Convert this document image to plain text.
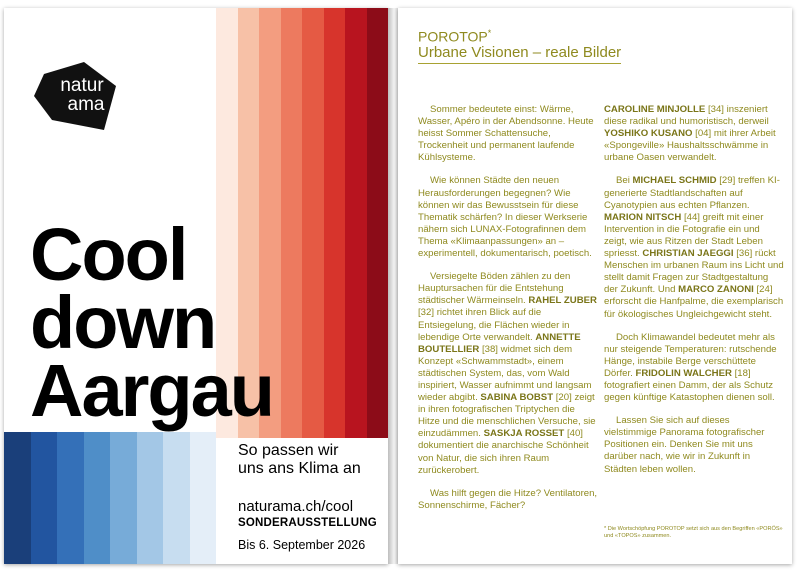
natur
ama
Cool
down
Aargau

So passen wir
uns ans Klima an

naturama.ch/cool
SONDERAUSSTELLUNG
Bis 6. September 2026
POROTOP*
Urbane Visionen – reale Bilder

Sommer bedeutete einst: Wärme, Wasser, Apéro in der Abendsonne. Heute heisst Sommer Schattensuche, Trockenheit und permanent laufende Kühlsysteme.

Wie können Städte den neuen Herausforderungen begegnen? Wie können wir das Bewusstsein für diese Thematik schärfen? In dieser Werkserie nähern sich LUNAX-Fotografinnen dem Thema «Klimaanpassungen» an – experimentell, dokumentarisch, poetisch.

Versiegelte Böden zählen zu den Hauptursachen für die Entstehung städtischer Wärmeinseln. RAHEL ZUBER [32] richtet ihren Blick auf die Entsiegelung, die Flächen wieder in lebendige Orte verwandelt. ANNETTE BOUTELLIER [38] widmet sich dem Konzept «Schwammstadt», einem städtischen System, das, vom Wald inspiriert, Wasser aufnimmt und langsam wieder abgibt. SABINA BOBST [20] zeigt in ihren fotografischen Triptychen die Hitze und die menschlichen Versuche, sie einzudämmen. SASKJA ROSSET [40] dokumentiert die anarchische Schönheit von Natur, die sich ihren Raum zurückerobert.

Was hilft gegen die Hitze? Ventilatoren, Sonnenschirme, Fächer?

CAROLINE MINJOLLE [34] inszeniert diese radikal und humoristisch, derweil YOSHIKO KUSANO [04] mit ihrer Arbeit «Spongeville» Haushaltsschwämme in urbane Oasen verwandelt.

Bei MICHAEL SCHMID [29] treffen KI-generierte Stadtlandschaften auf Cyanotypien aus echten Pflanzen. MARION NITSCH [44] greift mit einer Intervention in die Fotografie ein und zeigt, wie aus Ritzen der Stadt Leben spriesst. CHRISTIAN JAEGGI [36] rückt Menschen im urbanen Raum ins Licht und stellt damit Fragen zur Stadtgestaltung der Zukunft. Und MARCO ZANONI [24] erforscht die Hanfpalme, die exemplarisch für ökologisches Ungleichgewicht steht.

Doch Klimawandel bedeutet mehr als nur steigende Temperaturen: rutschende Hänge, instabile Berge verschüttete Dörfer. FRIDOLIN WALCHER [18] fotografiert einen Damm, der als Schutz gegen künftige Katastophen dienen soll.

Lassen Sie sich auf dieses vielstimmige Panorama fotografischer Positionen ein. Denken Sie mit uns darüber nach, wie wir in Zukunft in Städten leben wollen.

* Die Wortschöpfung POROTOP setzt sich aus den Begriffen «PORÖS» und «TOPOS» zusammen.
